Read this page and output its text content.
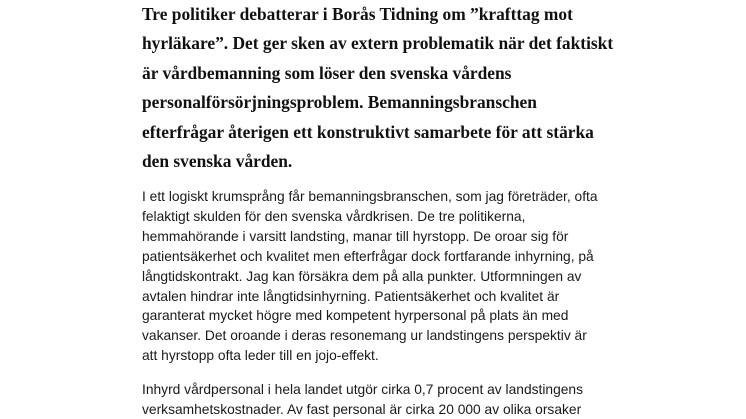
Tre politiker debatterar i Borås Tidning om ”krafttag mot
hyrläkare”. Det ger sken av extern problematik när det faktiskt
är vårdbemanning som löser den svenska vårdens
personalförsörjningsproblem. Bemanningsbranschen
efterfrågar återigen ett konstruktivt samarbete för att stärka
den svenska vården.

I ett logiskt krumsprång får bemanningsbranschen, som jag företräder, ofta
felaktigt skulden för den svenska vårdkrisen. De tre politikerna,
hemmahörande i varsitt landsting, manar till hyrstopp. De oroar sig för
patientsäkerhet och kvalitet men efterfrågar dock fortfarande inhyrning, på
långtidskontrakt. Jag kan försäkra dem på alla punkter. Utformningen av
avtalen hindrar inte långtidsinhyrning. Patientsäkerhet och kvalitet är
garanterat mycket högre med kompetent hyrpersonal på plats än med
vakanser. Det oroande i deras resonemang ur landstingens perspektiv är
att hyrstopp ofta leder till en jojo-effekt.

Inhyrd vårdpersonal i hela landet utgör cirka 0,7 procent av landstingens
verksamhetskostnader. Av fast personal är cirka 20 000 av olika orsaker
